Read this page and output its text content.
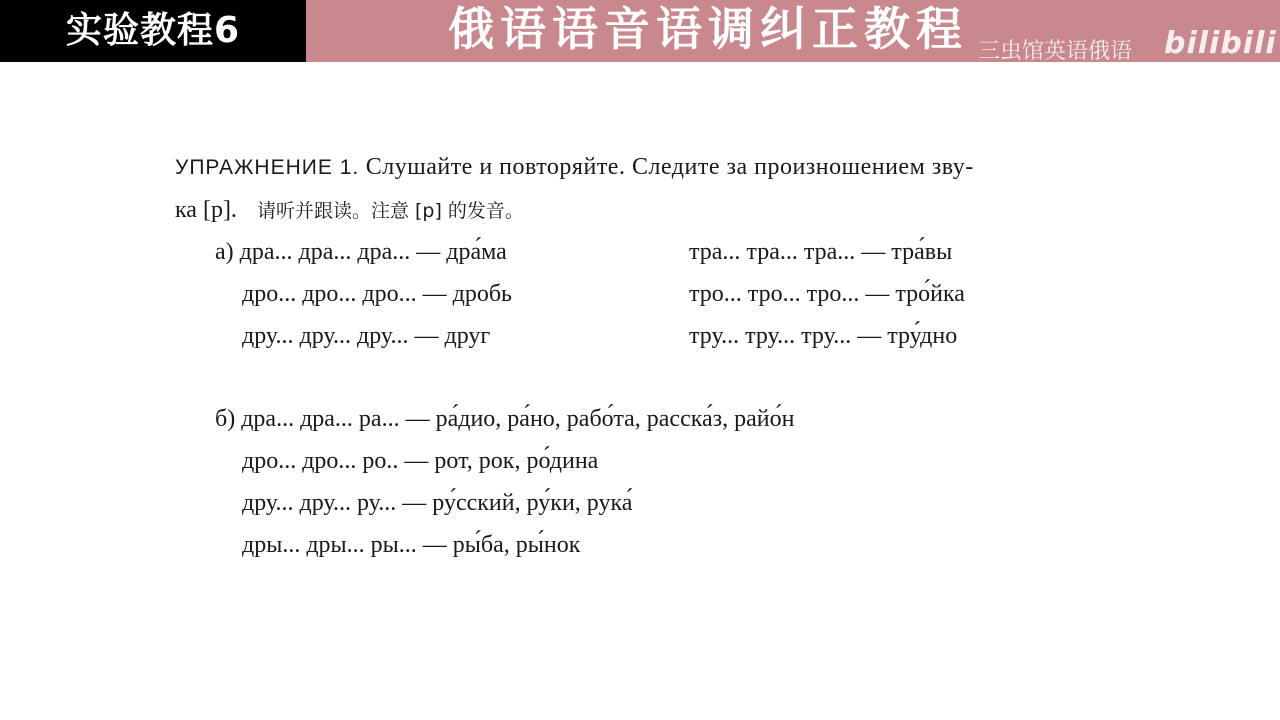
实验教程6	俄语语音语调纠正教程 三虫馆英语俄语 bilibili
УПРАЖНЕНИЕ 1. Слушайте и повторяйте. Следите за произношением зву-
ка [р]. 请听并跟读。注意 [р] 的发音。
а) дра... дра... дра... — дра́ма
дро... дро... дро... — дробь
дру... дру... дру... — друг
тра... тра... тра... — тра́вы
тро... тро... тро... — тро́йка
тру... тру... тру... — тру́дно
б) дра... дра... ра... — ра́дио, ра́но, рабо́та, расска́з, райо́н
дро... дро... ро.. — рот, рок, ро́дина
дру... дру... ру... — ру́сский, ру́ки, рука́
дры... дры... ры... — ры́ба, ры́нок
